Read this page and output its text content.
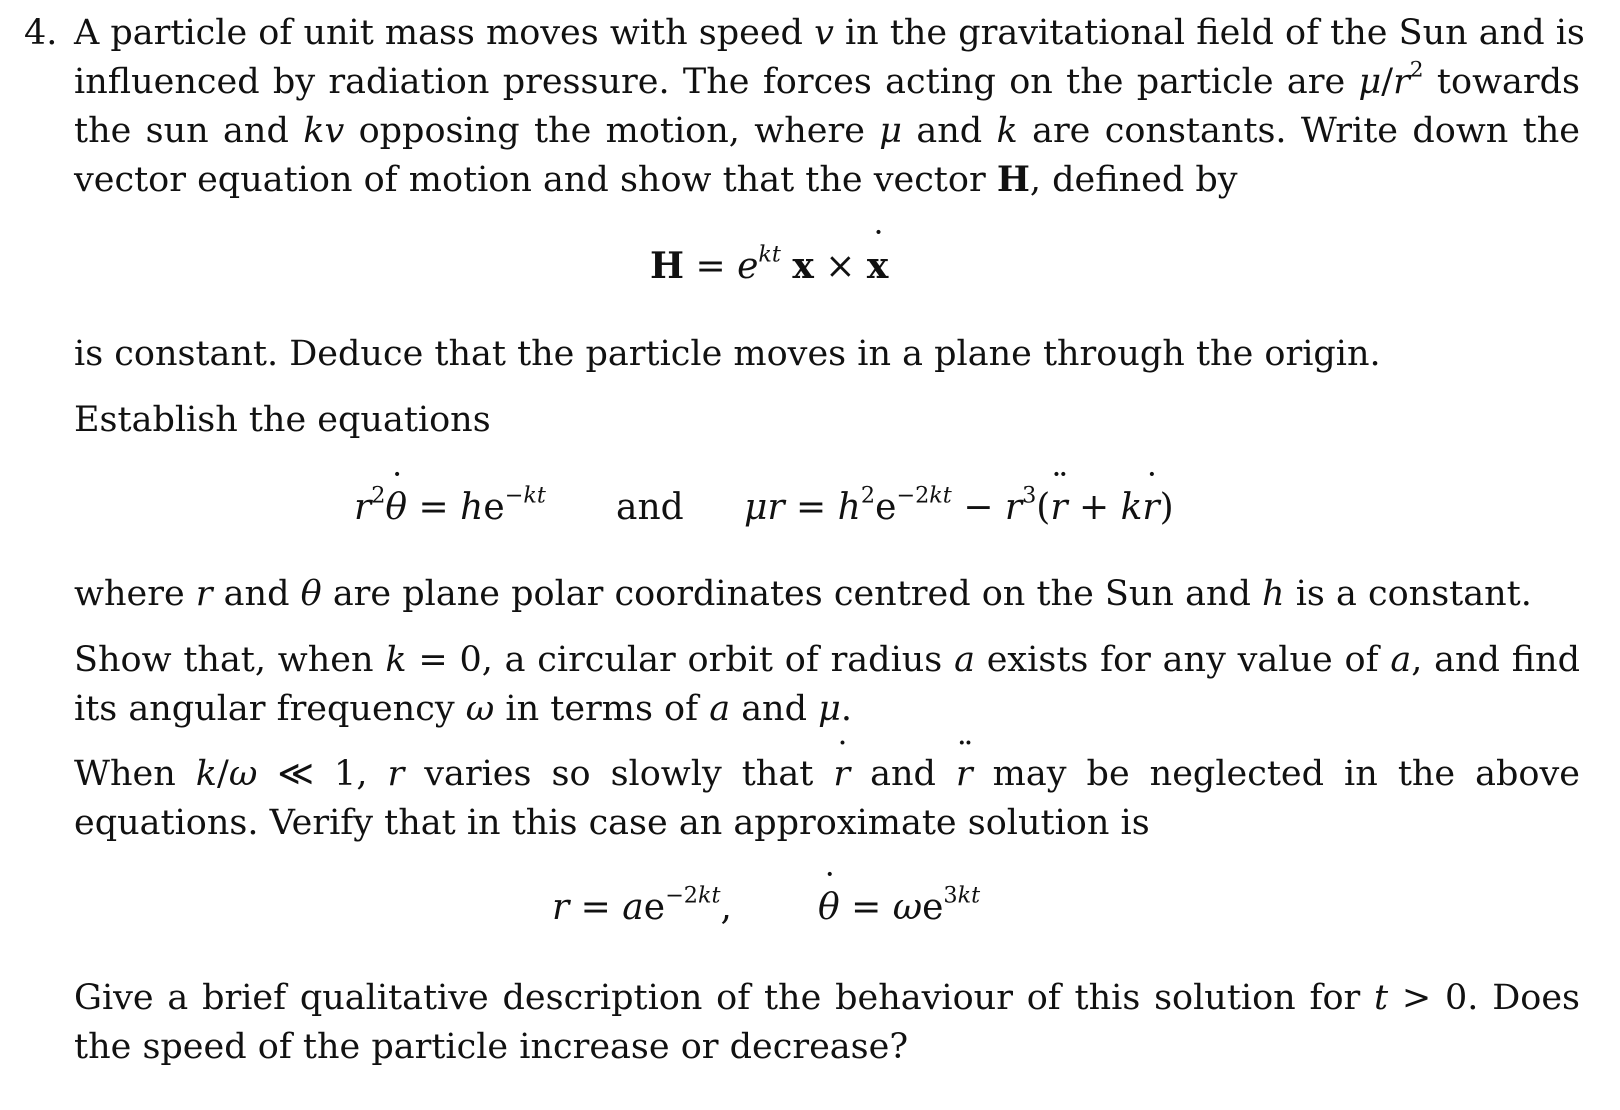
4. A particle of unit mass moves with speed v in the gravitational field of the Sun and is
influenced by radiation pressure. The forces acting on the particle are $\mu/r^2$ towards
the sun and kv opposing the motion, where μ and k are constants. Write down the
vector equation of motion and show that the vector H, defined by
$H = e^{kt}$ x × x ˙
is constant. Deduce that the particle moves in a plane through the origin.
Establish the equations
$r^2\theta$ ˙ = $he^{-kt}$ and $\mu r = h^2e^{-2kt} - r^3(r$ ¨ + kr ˙)
where r and θ are plane polar coordinates centred on the Sun and h is a constant.
Show that, when k = 0, a circular orbit of radius a exists for any value of a, and find
its angular frequency ω in terms of a and μ.
When k/ω ≪ 1, r varies so slowly that r ˙ and r ¨ may be neglected in the above
equations. Verify that in this case an approximate solution is
$r = ae^{-2kt}$, θ ˙ = $\omega e^{3kt}$
Give a brief qualitative description of the behaviour of this solution for t > 0. Does
the speed of the particle increase or decrease?
